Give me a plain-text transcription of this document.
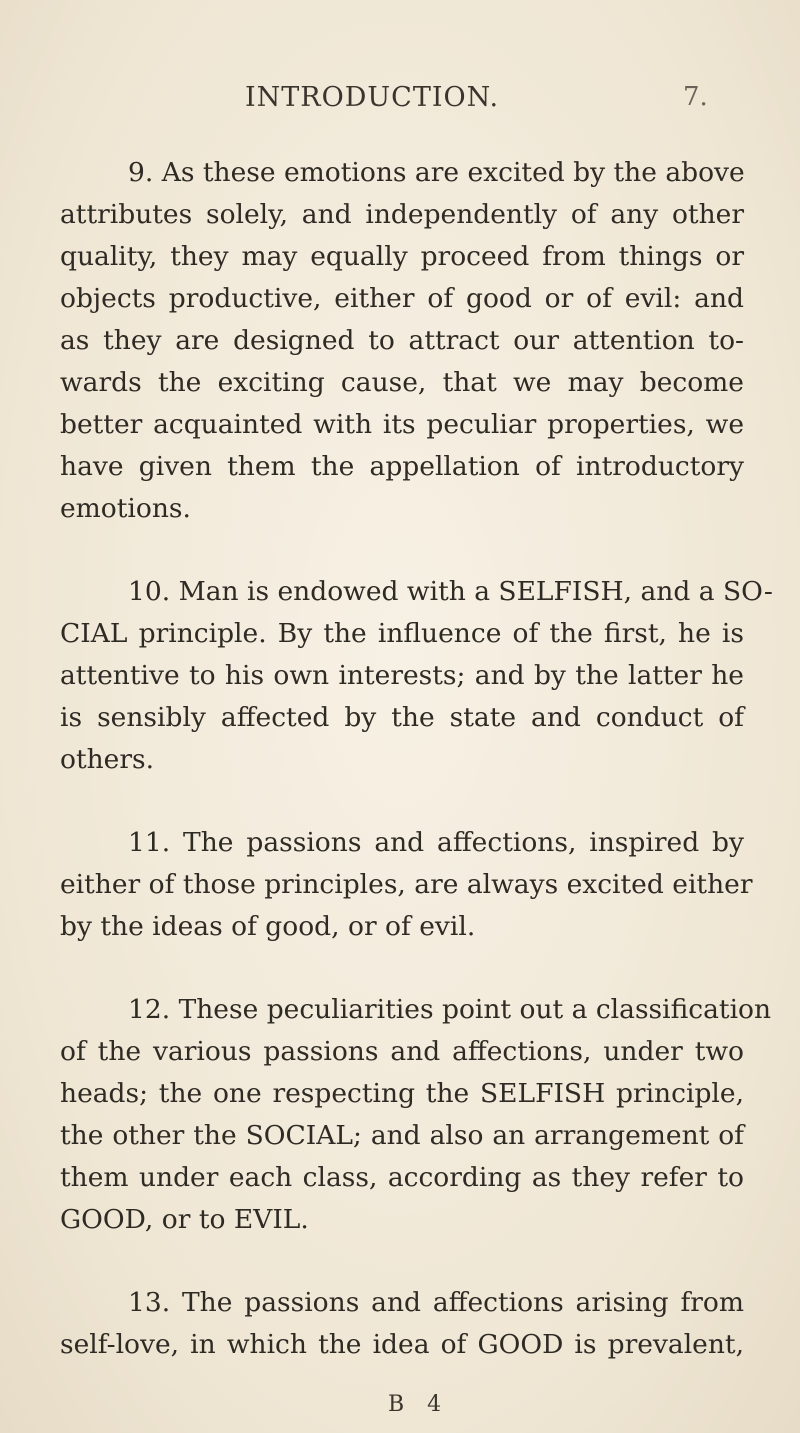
INTRODUCTION.	7.
9. As these emotions are excited by the above
attributes solely, and independently of any other
quality, they may equally proceed from things or
objects productive, either of good or of evil: and
as they are designed to attract our attention to-
wards the exciting cause, that we may become
better acquainted with its peculiar properties, we
have given them the appellation of introductory
emotions.
10. Man is endowed with a SELFISH, and a SO-
CIAL principle. By the influence of the first, he is
attentive to his own interests; and by the latter he
is sensibly affected by the state and conduct of
others.
11. The passions and affections, inspired by
either of those principles, are always excited either
by the ideas of good, or of evil.
12. These peculiarities point out a classification
of the various passions and affections, under two
heads; the one respecting the SELFISH principle,
the other the SOCIAL; and also an arrangement of
them under each class, according as they refer to
GOOD, or to EVIL.
13. The passions and affections arising from
self-love, in which the idea of GOOD is prevalent,
B 4
